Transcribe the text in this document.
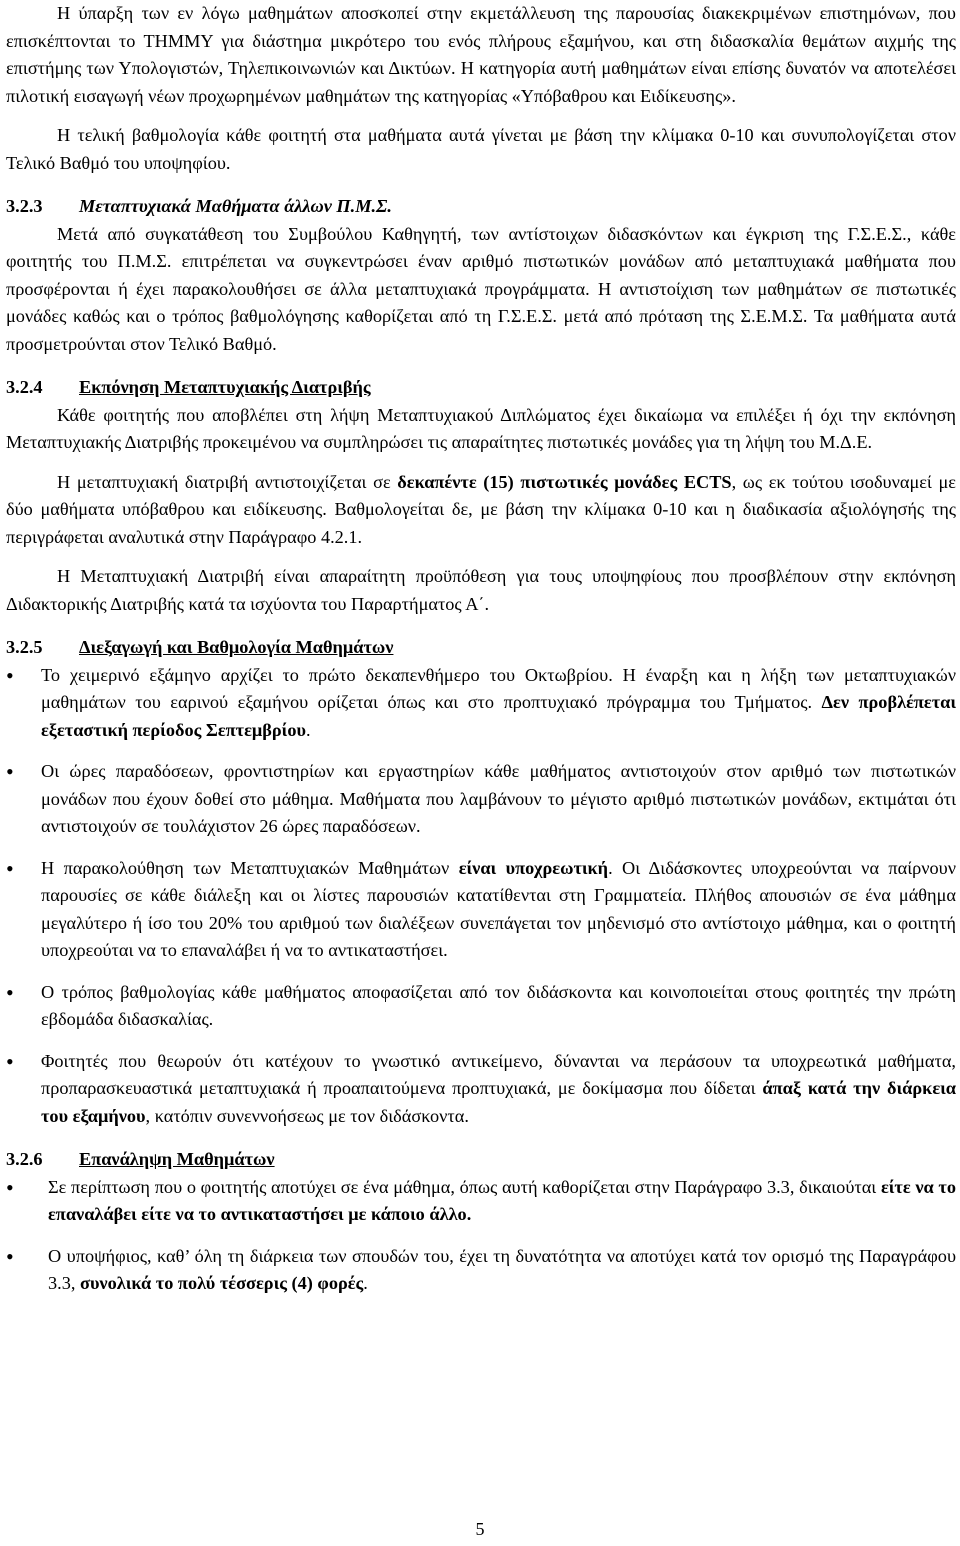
Η ύπαρξη των εν λόγω μαθημάτων αποσκοπεί στην εκμετάλλευση της παρουσίας διακεκριμένων επιστημόνων, που επισκέπτονται το ΤΗΜΜΥ για διάστημα μικρότερο του ενός πλήρους εξαμήνου, και στη διδασκαλία θεμάτων αιχμής της επιστήμης των Υπολογιστών, Τηλεπικοινωνιών και Δικτύων. Η κατηγορία αυτή μαθημάτων είναι επίσης δυνατόν να αποτελέσει πιλοτική εισαγωγή νέων προχωρημένων μαθημάτων της κατηγορίας «Υπόβαθρου και Ειδίκευσης».

Η τελική βαθμολογία κάθε φοιτητή στα μαθήματα αυτά γίνεται με βάση την κλίμακα 0-10 και συνυπολογίζεται στον Τελικό Βαθμό του υποψηφίου.

3.2.3 Μεταπτυχιακά Μαθήματα άλλων Π.Μ.Σ.

Μετά από συγκατάθεση του Συμβούλου Καθηγητή, των αντίστοιχων διδασκόντων και έγκριση της Γ.Σ.Ε.Σ., κάθε φοιτητής του Π.Μ.Σ. επιτρέπεται να συγκεντρώσει έναν αριθμό πιστωτικών μονάδων από μεταπτυχιακά μαθήματα που προσφέρονται ή έχει παρακολουθήσει σε άλλα μεταπτυχιακά προγράμματα. Η αντιστοίχιση των μαθημάτων σε πιστωτικές μονάδες καθώς και ο τρόπος βαθμολόγησης καθορίζεται από τη Γ.Σ.Ε.Σ. μετά από πρόταση της Σ.Ε.Μ.Σ. Τα μαθήματα αυτά προσμετρούνται στον Τελικό Βαθμό.

3.2.4 Εκπόνηση Μεταπτυχιακής Διατριβής

Κάθε φοιτητής που αποβλέπει στη λήψη Μεταπτυχιακού Διπλώματος έχει δικαίωμα να επιλέξει ή όχι την εκπόνηση Μεταπτυχιακής Διατριβής προκειμένου να συμπληρώσει τις απαραίτητες πιστωτικές μονάδες για τη λήψη του Μ.Δ.Ε.

Η μεταπτυχιακή διατριβή αντιστοιχίζεται σε δεκαπέντε (15) πιστωτικές μονάδες ECTS, ως εκ τούτου ισοδυναμεί με δύο μαθήματα υπόβαθρου και ειδίκευσης. Βαθμολογείται δε, με βάση την κλίμακα 0-10 και η διαδικασία αξιολόγησής της περιγράφεται αναλυτικά στην Παράγραφο 4.2.1.

Η Μεταπτυχιακή Διατριβή είναι απαραίτητη προϋπόθεση για τους υποψηφίους που προσβλέπουν στην εκπόνηση Διδακτορικής Διατριβής κατά τα ισχύοντα του Παραρτήματος Α΄.

3.2.5 Διεξαγωγή και Βαθμολογία Μαθημάτων
• Το χειμερινό εξάμηνο αρχίζει το πρώτο δεκαπενθήμερο του Οκτωβρίου. Η έναρξη και η λήξη των μεταπτυχιακών μαθημάτων του εαρινού εξαμήνου ορίζεται όπως και στο προπτυχιακό πρόγραμμα του Τμήματος. Δεν προβλέπεται εξεταστική περίοδος Σεπτεμβρίου.
• Οι ώρες παραδόσεων, φροντιστηρίων και εργαστηρίων κάθε μαθήματος αντιστοιχούν στον αριθμό των πιστωτικών μονάδων που έχουν δοθεί στο μάθημα. Μαθήματα που λαμβάνουν το μέγιστο αριθμό πιστωτικών μονάδων, εκτιμάται ότι αντιστοιχούν σε τουλάχιστον 26 ώρες παραδόσεων.
• Η παρακολούθηση των Μεταπτυχιακών Μαθημάτων είναι υποχρεωτική. Οι Διδάσκοντες υποχρεούνται να παίρνουν παρουσίες σε κάθε διάλεξη και οι λίστες παρουσιών κατατίθενται στη Γραμματεία. Πλήθος απουσιών σε ένα μάθημα μεγαλύτερο ή ίσο του 20% του αριθμού των διαλέξεων συνεπάγεται τον μηδενισμό στο αντίστοιχο μάθημα, και ο φοιτητή υποχρεούται να το επαναλάβει ή να το αντικαταστήσει.
• Ο τρόπος βαθμολογίας κάθε μαθήματος αποφασίζεται από τον διδάσκοντα και κοινοποιείται στους φοιτητές την πρώτη εβδομάδα διδασκαλίας.
• Φοιτητές που θεωρούν ότι κατέχουν το γνωστικό αντικείμενο, δύνανται να περάσουν τα υποχρεωτικά μαθήματα, προπαρασκευαστικά μεταπτυχιακά ή προαπαιτούμενα προπτυχιακά, με δοκίμασμα που δίδεται άπαξ κατά την διάρκεια του εξαμήνου, κατόπιν συνεννοήσεως με τον διδάσκοντα.
3.2.6 Επανάληψη Μαθημάτων
• Σε περίπτωση που ο φοιτητής αποτύχει σε ένα μάθημα, όπως αυτή καθορίζεται στην Παράγραφο 3.3, δικαιούται είτε να το επαναλάβει είτε να το αντικαταστήσει με κάποιο άλλο.
• Ο υποψήφιος, καθ’ όλη τη διάρκεια των σπουδών του, έχει τη δυνατότητα να αποτύχει κατά τον ορισμό της Παραγράφου 3.3, συνολικά το πολύ τέσσερις (4) φορές.
5
